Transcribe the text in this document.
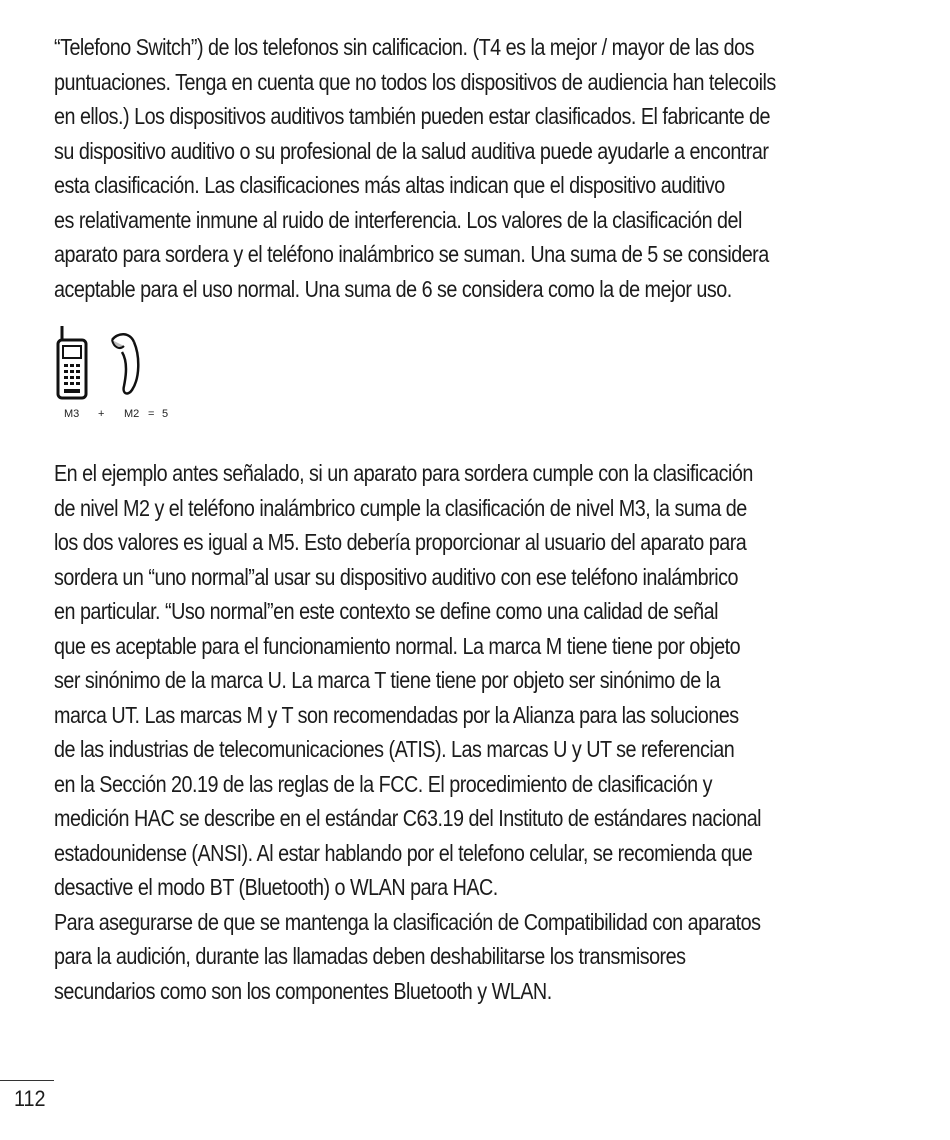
“Telefono Switch”) de los telefonos sin calificacion. (T4 es la mejor / mayor de las dos
puntuaciones. Tenga en cuenta que no todos los dispositivos de audiencia han telecoils
en ellos.) Los dispositivos auditivos también pueden estar clasificados. El fabricante de
su dispositivo auditivo o su profesional de la salud auditiva puede ayudarle a encontrar
esta clasificación. Las clasificaciones más altas indican que el dispositivo auditivo
es relativamente inmune al ruido de interferencia. Los valores de la clasificación del
aparato para sordera y el teléfono inalámbrico se suman. Una suma de 5 se considera
aceptable para el uso normal. Una suma de 6 se considera como la de mejor uso.

M3 + M2 = 5

En el ejemplo antes señalado, si un aparato para sordera cumple con la clasificación
de nivel M2 y el teléfono inalámbrico cumple la clasificación de nivel M3, la suma de
los dos valores es igual a M5. Esto debería proporcionar al usuario del aparato para
sordera un “uno normal”al usar su dispositivo auditivo con ese teléfono inalámbrico
en particular. “Uso normal”en este contexto se define como una calidad de señal
que es aceptable para el funcionamiento normal. La marca M tiene tiene por objeto
ser sinónimo de la marca U. La marca T tiene tiene por objeto ser sinónimo de la
marca UT. Las marcas M y T son recomendadas por la Alianza para las soluciones
de las industrias de telecomunicaciones (ATIS). Las marcas U y UT se referencian
en la Sección 20.19 de las reglas de la FCC. El procedimiento de clasificación y
medición HAC se describe en el estándar C63.19 del Instituto de estándares nacional
estadounidense (ANSI). Al estar hablando por el telefono celular, se recomienda que
desactive el modo BT (Bluetooth) o WLAN para HAC.

Para asegurarse de que se mantenga la clasificación de Compatibilidad con aparatos
para la audición, durante las llamadas deben deshabilitarse los transmisores
secundarios como son los componentes Bluetooth y WLAN.

112
